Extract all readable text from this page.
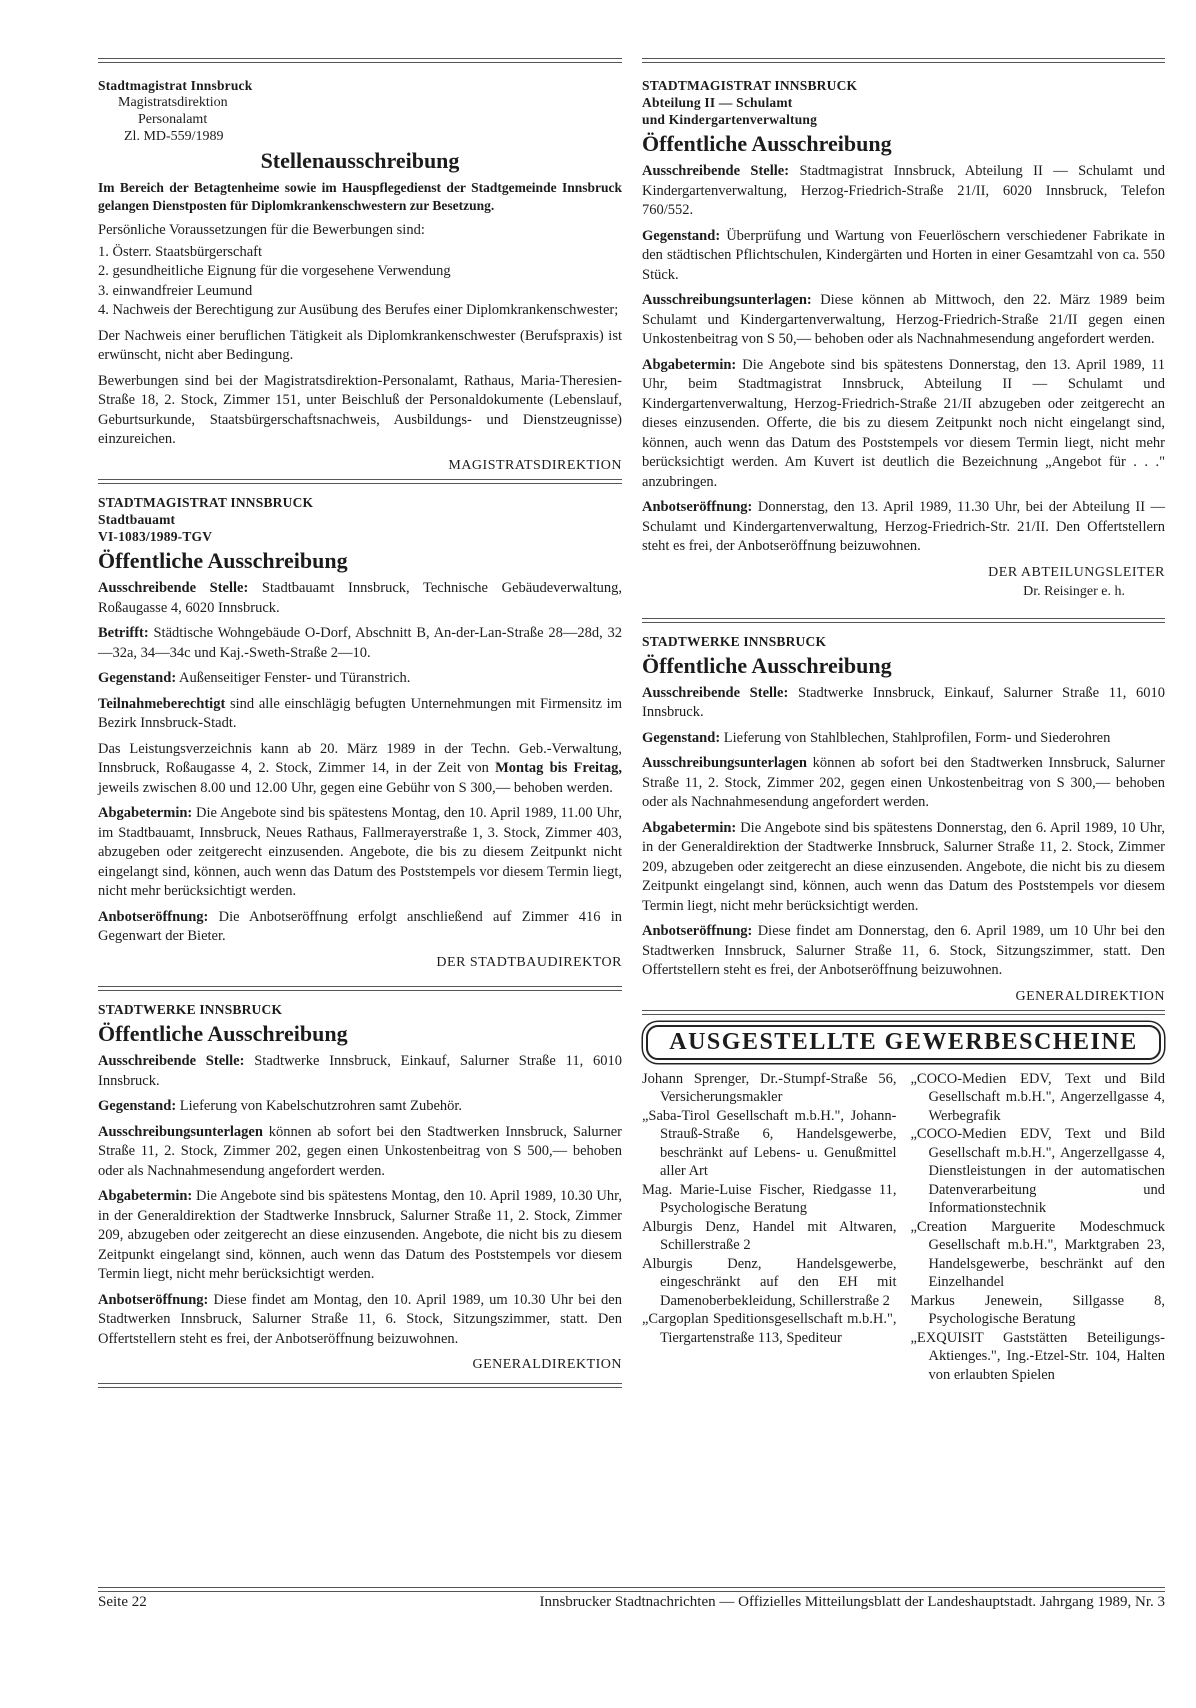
Stadtmagistrat Innsbruck
Magistratsdirektion
Personalamt
Zl. MD-559/1989
Stellenausschreibung

Im Bereich der Betagtenheime sowie im Hauspflegedienst der Stadtgemeinde Innsbruck gelangen Dienstposten für Diplomkrankenschwestern zur Besetzung.

Persönliche Voraussetzungen für die Bewerbungen sind:

1. Österr. Staatsbürgerschaft
2. gesundheitliche Eignung für die vorgesehene Verwendung
3. einwandfreier Leumund
4. Nachweis der Berechtigung zur Ausübung des Berufes einer Diplomkrankenschwester;

Der Nachweis einer beruflichen Tätigkeit als Diplomkrankenschwester (Berufspraxis) ist erwünscht, nicht aber Bedingung.

Bewerbungen sind bei der Magistratsdirektion-Personalamt, Rathaus, Maria-Theresien-Straße 18, 2. Stock, Zimmer 151, unter Beischluß der Personaldokumente (Lebenslauf, Geburtsurkunde, Staatsbürgerschaftsnachweis, Ausbildungs- und Dienstzeugnisse) einzureichen.

MAGISTRATSDIREKTION
STADTMAGISTRAT INNSBRUCK
Stadtbauamt
VI-1083/1989-TGV
Öffentliche Ausschreibung

Ausschreibende Stelle: Stadtbauamt Innsbruck, Technische Gebäudeverwaltung, Roßaugasse 4, 6020 Innsbruck.

Betrifft: Städtische Wohngebäude O-Dorf, Abschnitt B, An-der-Lan-Straße 28—28d, 32—32a, 34—34c und Kaj.-Sweth-Straße 2—10.

Gegenstand: Außenseitiger Fenster- und Türanstrich.

Teilnahmeberechtigt sind alle einschlägig befugten Unternehmungen mit Firmensitz im Bezirk Innsbruck-Stadt.

Das Leistungsverzeichnis kann ab 20. März 1989 in der Techn. Geb.-Verwaltung, Innsbruck, Roßaugasse 4, 2. Stock, Zimmer 14, in der Zeit von Montag bis Freitag, jeweils zwischen 8.00 und 12.00 Uhr, gegen eine Gebühr von S 300,— behoben werden.

Abgabetermin: Die Angebote sind bis spätestens Montag, den 10. April 1989, 11.00 Uhr, im Stadtbauamt, Innsbruck, Neues Rathaus, Fallmerayerstraße 1, 3. Stock, Zimmer 403, abzugeben oder zeitgerecht einzusenden. Angebote, die bis zu diesem Zeitpunkt nicht eingelangt sind, können, auch wenn das Datum des Poststempels vor diesem Termin liegt, nicht mehr berücksichtigt werden.

Anbotseröffnung: Die Anbotseröffnung erfolgt anschließend auf Zimmer 416 in Gegenwart der Bieter.

DER STADTBAUDIREKTOR
STADTWERKE INNSBRUCK
Öffentliche Ausschreibung

Ausschreibende Stelle: Stadtwerke Innsbruck, Einkauf, Salurner Straße 11, 6010 Innsbruck.

Gegenstand: Lieferung von Kabelschutzrohren samt Zubehör.

Ausschreibungsunterlagen können ab sofort bei den Stadtwerken Innsbruck, Salurner Straße 11, 2. Stock, Zimmer 202, gegen einen Unkostenbeitrag von S 500,— behoben oder als Nachnahmesendung angefordert werden.

Abgabetermin: Die Angebote sind bis spätestens Montag, den 10. April 1989, 10.30 Uhr, in der Generaldirektion der Stadtwerke Innsbruck, Salurner Straße 11, 2. Stock, Zimmer 209, abzugeben oder zeitgerecht an diese einzusenden. Angebote, die nicht bis zu diesem Zeitpunkt eingelangt sind, können, auch wenn das Datum des Poststempels vor diesem Termin liegt, nicht mehr berücksichtigt werden.

Anbotseröffnung: Diese findet am Montag, den 10. April 1989, um 10.30 Uhr bei den Stadtwerken Innsbruck, Salurner Straße 11, 6. Stock, Sitzungszimmer, statt. Den Offertstellern steht es frei, der Anbotseröffnung beizuwohnen.

GENERALDIREKTION
STADTMAGISTRAT INNSBRUCK
Abteilung II — Schulamt
und Kindergartenverwaltung
Öffentliche Ausschreibung

Ausschreibende Stelle: Stadtmagistrat Innsbruck, Abteilung II — Schulamt und Kindergartenverwaltung, Herzog-Friedrich-Straße 21/II, 6020 Innsbruck, Telefon 760/552.

Gegenstand: Überprüfung und Wartung von Feuerlöschern verschiedener Fabrikate in den städtischen Pflichtschulen, Kindergärten und Horten in einer Gesamtzahl von ca. 550 Stück.

Ausschreibungsunterlagen: Diese können ab Mittwoch, den 22. März 1989 beim Schulamt und Kindergartenverwaltung, Herzog-Friedrich-Straße 21/II gegen einen Unkostenbeitrag von S 50,— behoben oder als Nachnahmesendung angefordert werden.

Abgabetermin: Die Angebote sind bis spätestens Donnerstag, den 13. April 1989, 11 Uhr, beim Stadtmagistrat Innsbruck, Abteilung II — Schulamt und Kindergartenverwaltung, Herzog-Friedrich-Straße 21/II abzugeben oder zeitgerecht an dieses einzusenden. Offerte, die bis zu diesem Zeitpunkt noch nicht eingelangt sind, können, auch wenn das Datum des Poststempels vor diesem Termin liegt, nicht mehr berücksichtigt werden. Am Kuvert ist deutlich die Bezeichnung „Angebot für . . ." anzubringen.

Anbotseröffnung: Donnerstag, den 13. April 1989, 11.30 Uhr, bei der Abteilung II — Schulamt und Kindergartenverwaltung, Herzog-Friedrich-Str. 21/II. Den Offertstellern steht es frei, der Anbotseröffnung beizuwohnen.

DER ABTEILUNGSLEITER
Dr. Reisinger e. h.
STADTWERKE INNSBRUCK
Öffentliche Ausschreibung

Ausschreibende Stelle: Stadtwerke Innsbruck, Einkauf, Salurner Straße 11, 6010 Innsbruck.

Gegenstand: Lieferung von Stahlblechen, Stahlprofilen, Form- und Siederohren

Ausschreibungsunterlagen können ab sofort bei den Stadtwerken Innsbruck, Salurner Straße 11, 2. Stock, Zimmer 202, gegen einen Unkostenbeitrag von S 300,— behoben oder als Nachnahmesendung angefordert werden.

Abgabetermin: Die Angebote sind bis spätestens Donnerstag, den 6. April 1989, 10 Uhr, in der Generaldirektion der Stadtwerke Innsbruck, Salurner Straße 11, 2. Stock, Zimmer 209, abzugeben oder zeitgerecht an diese einzusenden. Angebote, die nicht bis zu diesem Zeitpunkt eingelangt sind, können, auch wenn das Datum des Poststempels vor diesem Termin liegt, nicht mehr berücksichtigt werden.

Anbotseröffnung: Diese findet am Donnerstag, den 6. April 1989, um 10 Uhr bei den Stadtwerken Innsbruck, Salurner Straße 11, 6. Stock, Sitzungszimmer, statt. Den Offertstellern steht es frei, der Anbotseröffnung beizuwohnen.

GENERALDIREKTION
AUSGESTELLTE GEWERBESCHEINE

Johann Sprenger, Dr.-Stumpf-Straße 56, Versicherungsmakler

„Saba-Tirol Gesellschaft m.b.H.", Johann-Strauß-Straße 6, Handelsgewerbe, beschränkt auf Lebens- u. Genußmittel aller Art

Mag. Marie-Luise Fischer, Riedgasse 11, Psychologische Beratung

Alburgis Denz, Handel mit Altwaren, Schillerstraße 2

Alburgis Denz, Handelsgewerbe, eingeschränkt auf den EH mit Damenoberbekleidung, Schillerstraße 2

„Cargoplan Speditionsgesellschaft m.b.H.", Tiergartenstraße 113, Spediteur

„COCO-Medien EDV, Text und Bild Gesellschaft m.b.H.", Angerzellgasse 4, Werbegrafik

„COCO-Medien EDV, Text und Bild Gesellschaft m.b.H.", Angerzellgasse 4, Dienstleistungen in der automatischen Datenverarbeitung und Informationstechnik

„Creation Marguerite Modeschmuck Gesellschaft m.b.H.", Marktgraben 23, Handelsgewerbe, beschränkt auf den Einzelhandel

Markus Jenewein, Sillgasse 8, Psychologische Beratung

„EXQUISIT Gaststätten Beteiligungs-Aktienges.", Ing.-Etzel-Str. 104, Halten von erlaubten Spielen

Seite 22	Innsbrucker Stadtnachrichten — Offizielles Mitteilungsblatt der Landeshauptstadt. Jahrgang 1989, Nr. 3
